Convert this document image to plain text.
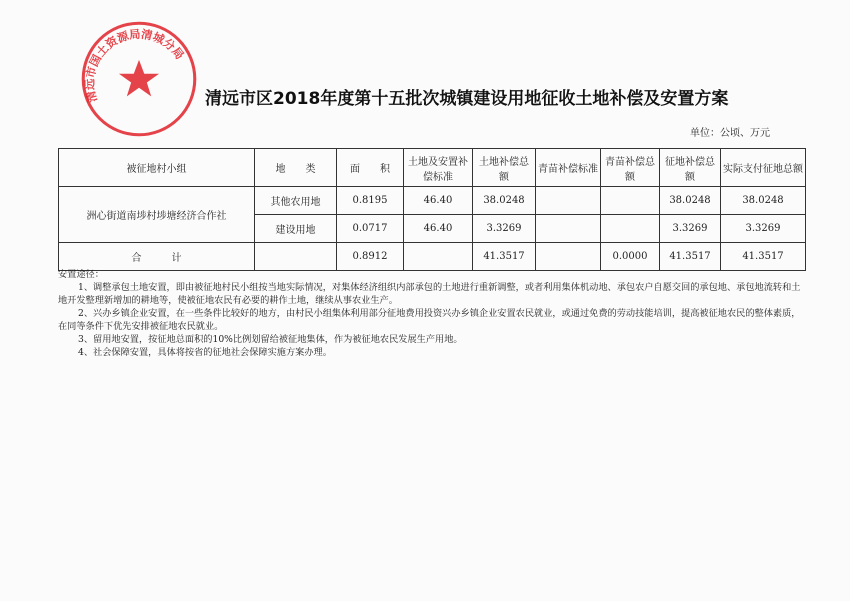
清远市国土资源局清城分局
清远市区2018年度第十五批次城镇建设用地征收土地补偿及安置方案
单位：公顷、万元
被征地村小组	地　　类	面　　积	土地及安置补偿标准	土地补偿总额	青苗补偿标准	青苗补偿总额	征地补偿总额	实际支付征地总额
洲心街道南埗村埗塘经济合作社	其他农用地	0.8195	46.40	38.0248			38.0248	38.0248
	建设用地	0.0717	46.40	3.3269			3.3269	3.3269
合　　　计		0.8912		41.3517		0.0000	41.3517	41.3517

安置途径：

1、调整承包土地安置，即由被征地村民小组按当地实际情况，对集体经济组织内部承包的土地进行重新调整，或者利用集体机动地、承包农户自愿交回的承包地、承包地流转和土地开发整理新增加的耕地等，使被征地农民有必要的耕作土地，继续从事农业生产。

2、兴办乡镇企业安置，在一些条件比较好的地方，由村民小组集体利用部分征地费用投资兴办乡镇企业安置农民就业，或通过免费的劳动技能培训，提高被征地农民的整体素质，在同等条件下优先安排被征地农民就业。

3、留用地安置，按征地总面积的10%比例划留给被征地集体，作为被征地农民发展生产用地。

4、社会保障安置，具体将按省的征地社会保障实施方案办理。
